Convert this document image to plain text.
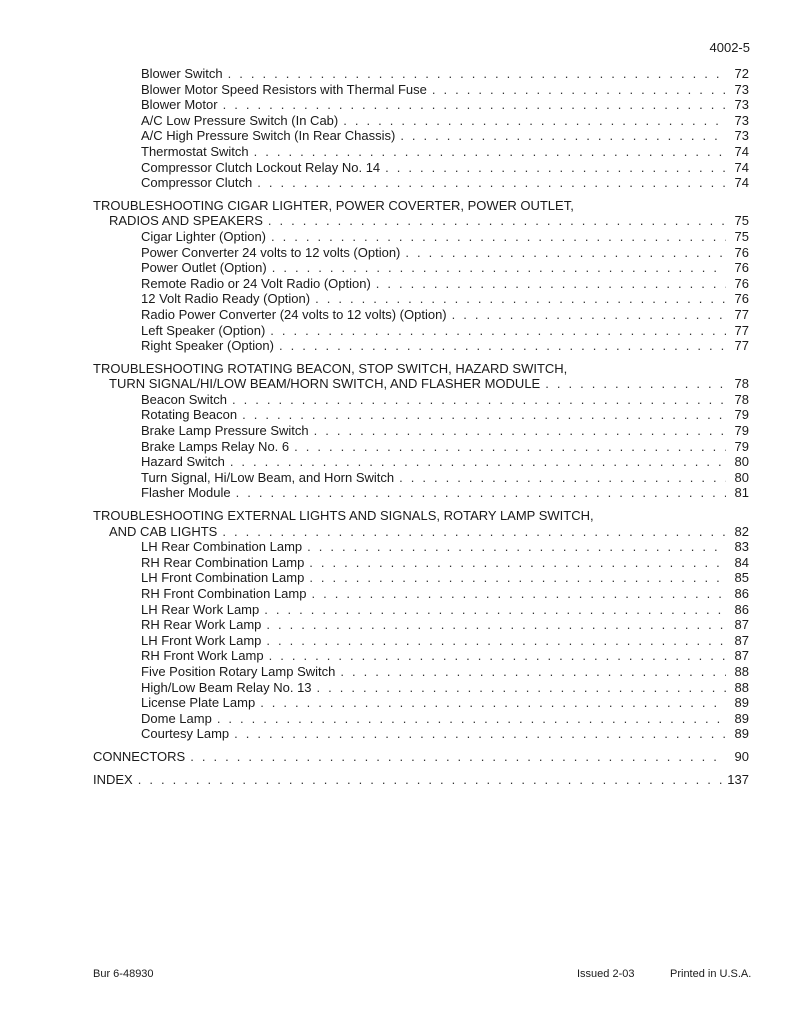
4002-5
Blower Switch . . .	72
Blower Motor Speed Resistors with Thermal Fuse . . .	73
Blower Motor . . .	73
A/C Low Pressure Switch (In Cab) . . .	73
A/C High Pressure Switch (In Rear Chassis) . . .	73
Thermostat Switch . . .	74
Compressor Clutch Lockout Relay No. 14 . . .	74
Compressor Clutch . . .	74
TROUBLESHOOTING CIGAR LIGHTER, POWER COVERTER, POWER OUTLET,
RADIOS AND SPEAKERS . . .	75
Cigar Lighter (Option) . . .	75
Power Converter 24 volts to 12 volts (Option) . . .	76
Power Outlet (Option) . . .	76
Remote Radio or 24 Volt Radio (Option) . . .	76
12 Volt Radio Ready (Option) . . .	76
Radio Power Converter (24 volts to 12 volts) (Option) . . .	77
Left Speaker (Option) . . .	77
Right Speaker (Option) . . .	77
TROUBLESHOOTING ROTATING BEACON, STOP SWITCH, HAZARD SWITCH,
TURN SIGNAL/HI/LOW BEAM/HORN SWITCH, AND FLASHER MODULE . . .	78
Beacon Switch . . .	78
Rotating Beacon . . .	79
Brake Lamp Pressure Switch . . .	79
Brake Lamps Relay No. 6 . . .	79
Hazard Switch . . .	80
Turn Signal, Hi/Low Beam, and Horn Switch . . .	80
Flasher Module . . .	81
TROUBLESHOOTING EXTERNAL LIGHTS AND SIGNALS, ROTARY LAMP SWITCH,
AND CAB LIGHTS . . .	82
LH Rear Combination Lamp . . .	83
RH Rear Combination Lamp . . .	84
LH Front Combination Lamp . . .	85
RH Front Combination Lamp . . .	86
LH Rear Work Lamp . . .	86
RH Rear Work Lamp . . .	87
LH Front Work Lamp . . .	87
RH Front Work Lamp . . .	87
Five Position Rotary Lamp Switch . . .	88
High/Low Beam Relay No. 13 . . .	88
License Plate Lamp . . .	89
Dome Lamp . . .	89
Courtesy Lamp . . .	89
CONNECTORS . . .	90
INDEX . . .	137
Bur 6-48930	Issued 2-03	Printed in U.S.A.
